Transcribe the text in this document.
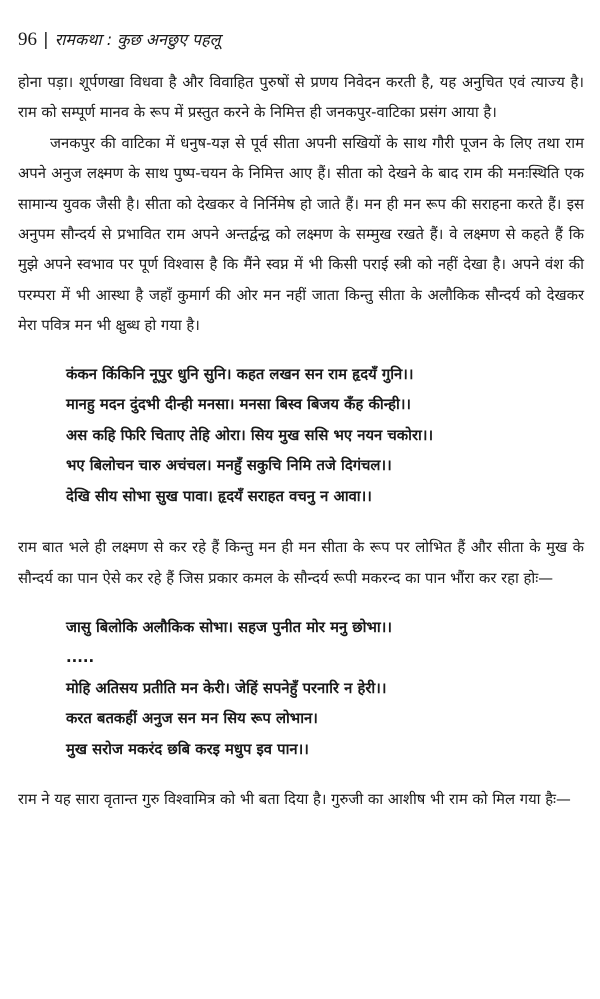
96 | रामकथा : कुछ अनछुए पहलू

होना पड़ा। शूर्पणखा विधवा है और विवाहित पुरुषों से प्रणय निवेदन करती है, यह अनुचित एवं त्याज्य है। राम को सम्पूर्ण मानव के रूप में प्रस्तुत करने के निमित्त ही जनकपुर-वाटिका प्रसंग आया है।

जनकपुर की वाटिका में धनुष-यज्ञ से पूर्व सीता अपनी सखियों के साथ गौरी पूजन के लिए तथा राम अपने अनुज लक्ष्मण के साथ पुष्प-चयन के निमित्त आए हैं। सीता को देखने के बाद राम की मनःस्थिति एक सामान्य युवक जैसी है। सीता को देखकर वे निर्निमेष हो जाते हैं। मन ही मन रूप की सराहना करते हैं। इस अनुपम सौन्दर्य से प्रभावित राम अपने अन्तर्द्वन्द्व को लक्ष्मण के सम्मुख रखते हैं। वे लक्ष्मण से कहते हैं कि मुझे अपने स्वभाव पर पूर्ण विश्वास है कि मैंने स्वप्न में भी किसी पराई स्त्री को नहीं देखा है। अपने वंश की परम्परा में भी आस्था है जहाँ कुमार्ग की ओर मन नहीं जाता किन्तु सीता के अलौकिक सौन्दर्य को देखकर मेरा पवित्र मन भी क्षुब्ध हो गया है।

कंकन किंकिनि नूपुर धुनि सुनि। कहत लखन सन राम हृदयँ गुनि।।

मानहु मदन दुंदभी दीन्ही मनसा। मनसा बिस्व बिजय कँह कीन्ही।।

अस कहि फिरि चिताए तेहि ओरा। सिय मुख ससि भए नयन चकोरा।।

भए बिलोचन चारु अचंचल। मनहुँ सकुचि निमि तजे दिगंचल।।

देखि सीय सोभा सुख पावा। हृदयँ सराहत वचनु न आवा।।

राम बात भले ही लक्ष्मण से कर रहे हैं किन्तु मन ही मन सीता के रूप पर लोभित हैं और सीता के मुख के सौन्दर्य का पान ऐसे कर रहे हैं जिस प्रकार कमल के सौन्दर्य रूपी मकरन्द का पान भौंरा कर रहा होः—

जासु बिलोकि अलौकिक सोभा। सहज पुनीत मोर मनु छोभा।।

.....

मोहि अतिसय प्रतीति मन केरी। जेहिं सपनेहुँ परनारि न हेरी।।

करत बतकहीं अनुज सन मन सिय रूप लोभान।

मुख सरोज मकरंद छबि करइ मधुप इव पान।।

राम ने यह सारा वृतान्त गुरु विश्वामित्र को भी बता दिया है। गुरुजी का आशीष भी राम को मिल गया हैः—
